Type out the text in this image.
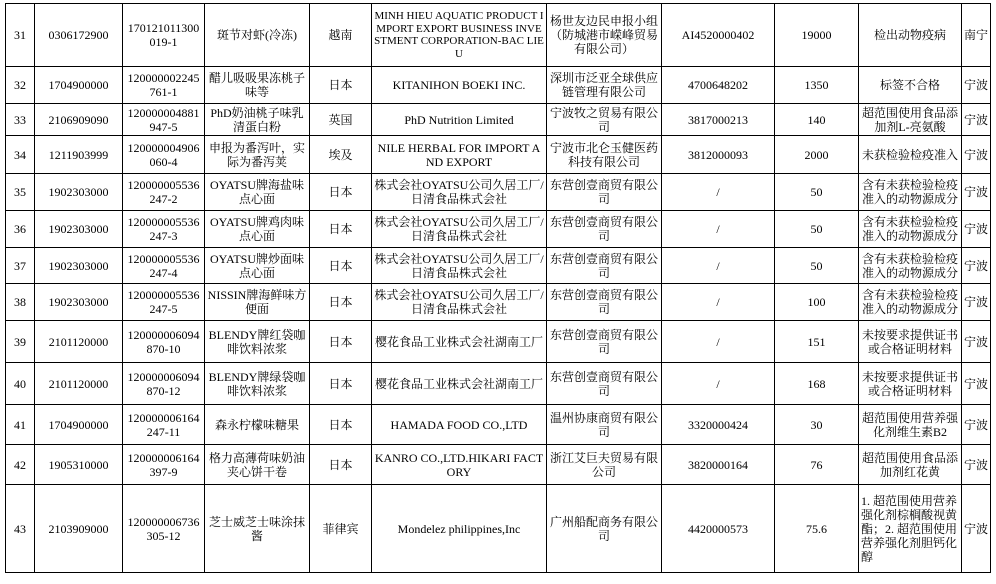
31	0306172900	170121011300019-1	斑节对虾(冷冻)	越南	MINH HIEU AQUATIC PRODUCT IMPORT EXPORT BUSINESS INVESTMENT CORPORATION-BAC LIEU	杨世友边民申报小组（防城港市嵘峰贸易有限公司）	AI4520000402	19000	检出动物疫病	南宁
32	1704900000	120000002245761-1	醋儿吸吸果冻桃子味等	日本	KITANIHON BOEKI INC.	深圳市泛亚全球供应链管理有限公司	4700648202	1350	标签不合格	宁波
33	2106909090	120000004881947-5	PhD奶油桃子味乳清蛋白粉	英国	PhD Nutrition Limited	宁波牧之贸易有限公司	3817000213	140	超范围使用食品添加剂L-亮氨酸	宁波
34	1211903999	120000004906060-4	申报为番泻叶，实际为番泻荚	埃及	NILE HERBAL FOR IMPORT AND EXPORT	宁波市北仑玉健医药科技有限公司	3812000093	2000	未获检验检疫准入	宁波
35	1902303000	120000005536247-2	OYATSU牌海盐味点心面	日本	株式会社OYATSU公司久居工厂/日清食品株式会社	东营创壹商贸有限公司	/	50	含有未获检验检疫准入的动物源成分	宁波
36	1902303000	120000005536247-3	OYATSU牌鸡肉味点心面	日本	株式会社OYATSU公司久居工厂/日清食品株式会社	东营创壹商贸有限公司	/	50	含有未获检验检疫准入的动物源成分	宁波
37	1902303000	120000005536247-4	OYATSU牌炒面味点心面	日本	株式会社OYATSU公司久居工厂/日清食品株式会社	东营创壹商贸有限公司	/	50	含有未获检验检疫准入的动物源成分	宁波
38	1902303000	120000005536247-5	NISSIN牌海鲜味方便面	日本	株式会社OYATSU公司久居工厂/日清食品株式会社	东营创壹商贸有限公司	/	100	含有未获检验检疫准入的动物源成分	宁波
39	2101120000	120000006094870-10	BLENDY牌红袋咖啡饮料浓浆	日本	樱花食品工业株式会社湖南工厂	东营创壹商贸有限公司	/	151	未按要求提供证书或合格证明材料	宁波
40	2101120000	120000006094870-12	BLENDY牌绿袋咖啡饮料浓浆	日本	樱花食品工业株式会社湖南工厂	东营创壹商贸有限公司	/	168	未按要求提供证书或合格证明材料	宁波
41	1704900000	120000006164247-11	森永柠檬味糖果	日本	HAMADA FOOD CO.,LTD	温州协康商贸有限公司	3320000424	30	超范围使用营养强化剂维生素B2	宁波
42	1905310000	120000006164397-9	格力高薄荷味奶油夹心饼干卷	日本	KANRO CO.,LTD.HIKARI FACTORY	浙江艾巨夫贸易有限公司	3820000164	76	超范围使用食品添加剂红花黄	宁波
43	2103909000	120000006736305-12	芝士威芝士味涂抹酱	菲律宾	Mondelez philippines,Inc	广州船配商务有限公司	4420000573	75.6	1. 超范围使用营养强化剂棕榈酸视黄酯；2. 超范围使用营养强化剂胆钙化醇	宁波
